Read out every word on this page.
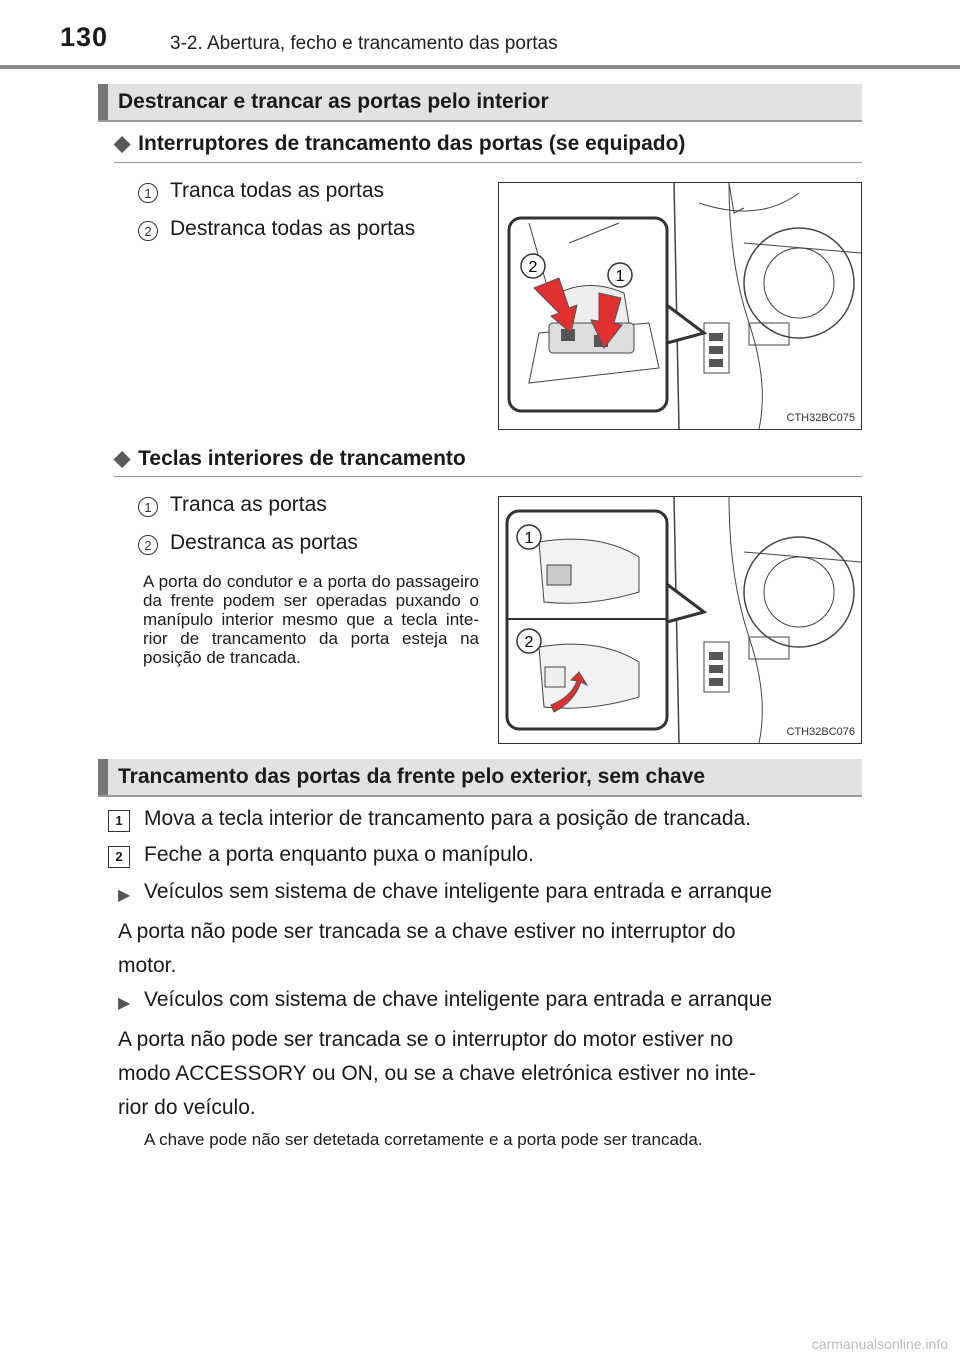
130	3-2. Abertura, fecho e trancamento das portas
Destrancar e trancar as portas pelo interior
◆ Interruptores de trancamento das portas (se equipado)
1 Tranca todas as portas
2 Destranca todas as portas
2
1
CTH32BC075
◆ Teclas interiores de trancamento
1 Tranca as portas
2 Destranca as portas
A porta do condutor e a porta do passageiro da frente podem ser operadas puxando o manípulo interior mesmo que a tecla inte- rior de trancamento da porta esteja na posição de trancada.
1
2
CTH32BC076
Trancamento das portas da frente pelo exterior, sem chave
1	Mova a tecla interior de trancamento para a posição de trancada.
2	Feche a porta enquanto puxa o manípulo.
▶ Veículos sem sistema de chave inteligente para entrada e arranque
A porta não pode ser trancada se a chave estiver no interruptor do
motor.
▶ Veículos com sistema de chave inteligente para entrada e arranque
A porta não pode ser trancada se o interruptor do motor estiver no
modo ACCESSORY ou ON, ou se a chave eletrónica estiver no inte-
rior do veículo.
A chave pode não ser detetada corretamente e a porta pode ser trancada.
carmanualsonline.info
